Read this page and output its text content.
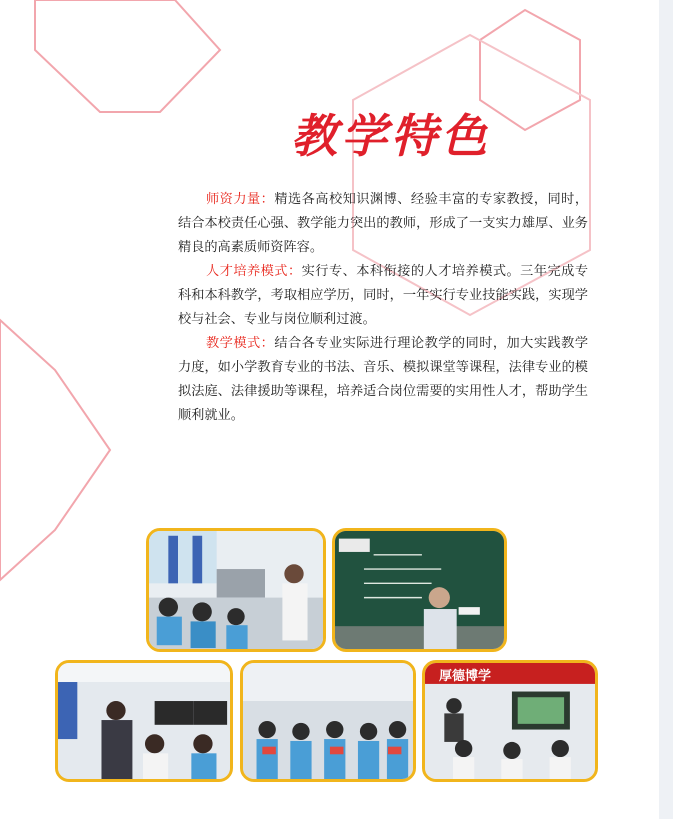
教学特色

师资力量：精选各高校知识渊博、经验丰富的专家教授，同时，结合本校责任心强、教学能力突出的教师，形成了一支实力雄厚、业务精良的高素质师资阵容。

人才培养模式：实行专、本科衔接的人才培养模式。三年完成专科和本科教学，考取相应学历，同时，一年实行专业技能实践，实现学校与社会、专业与岗位顺利过渡。

教学模式：结合各专业实际进行理论教学的同时，加大实践教学力度，如小学教育专业的书法、音乐、模拟课堂等课程，法律专业的模拟法庭、法律援助等课程，培养适合岗位需要的实用性人才，帮助学生顺利就业。

厚德博学
